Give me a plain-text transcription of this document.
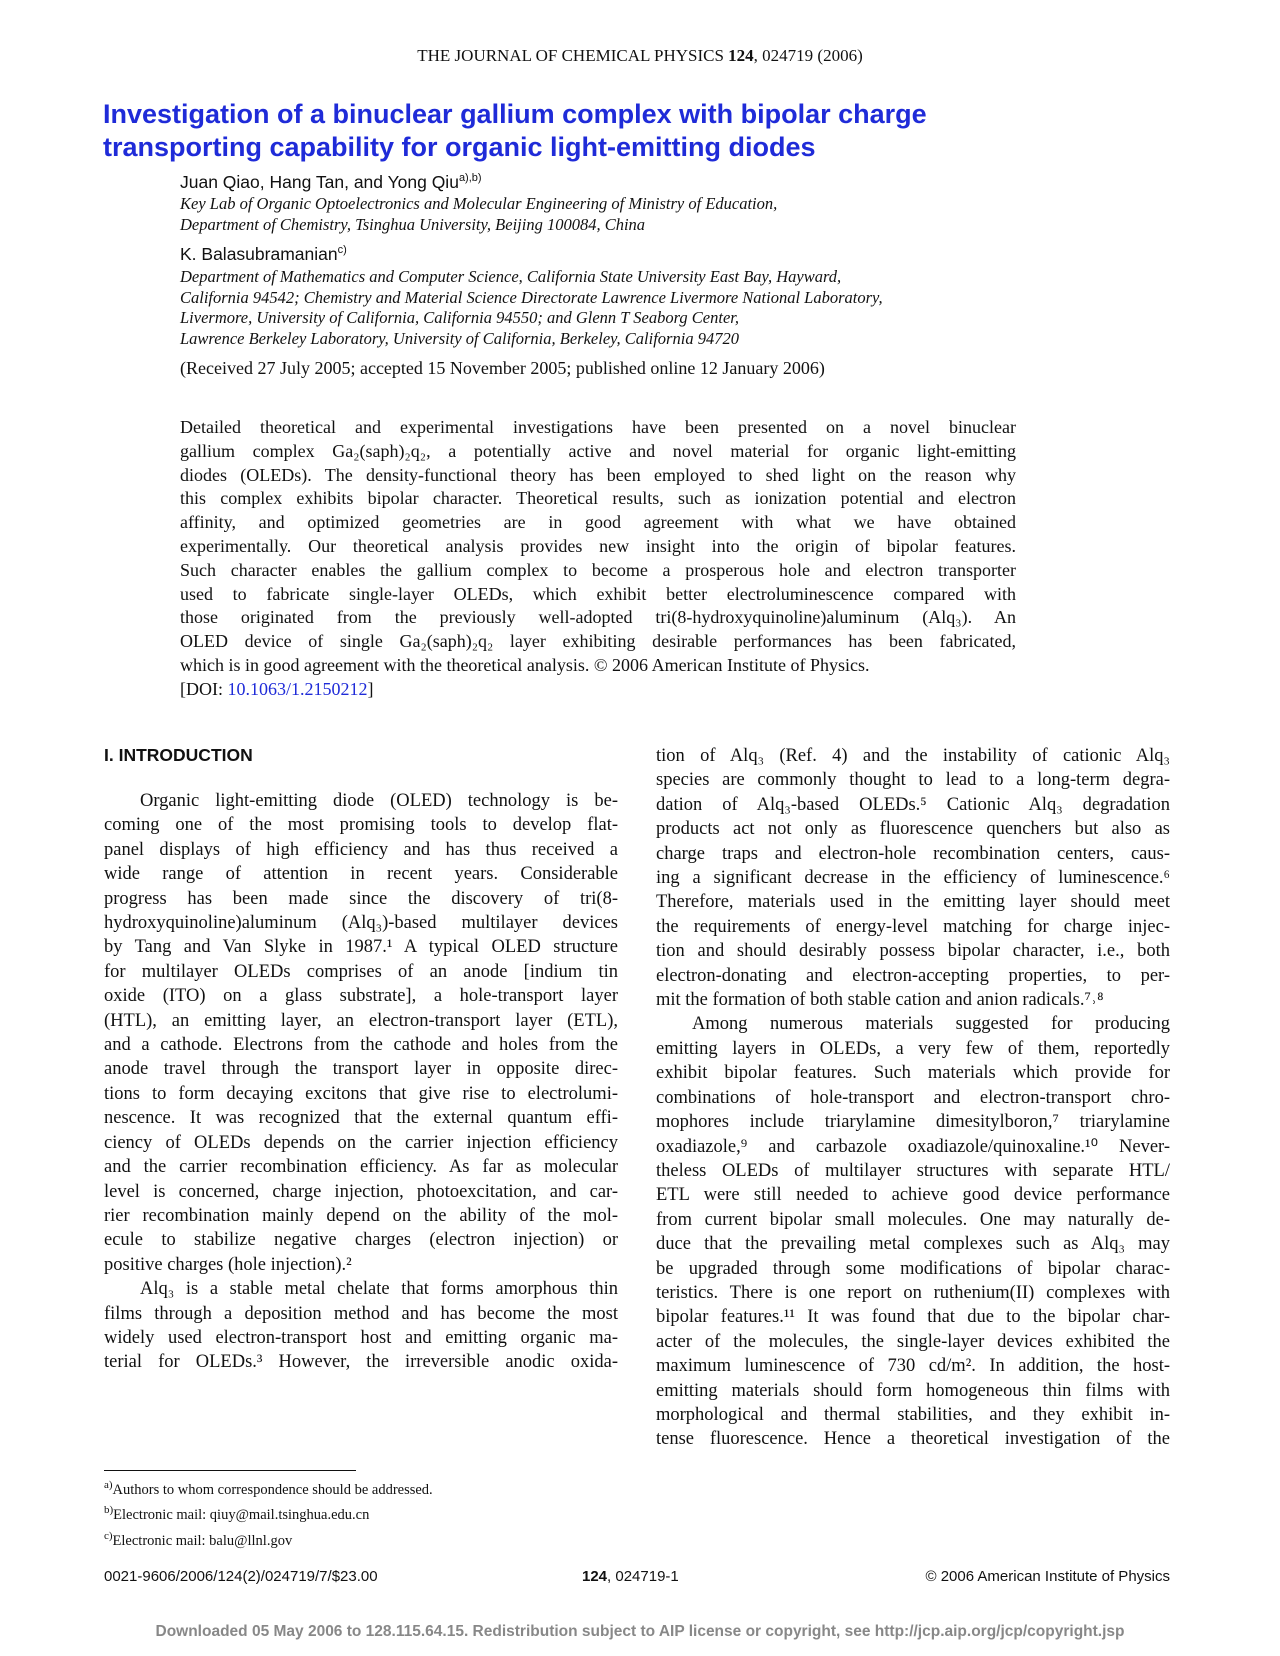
THE JOURNAL OF CHEMICAL PHYSICS 124, 024719 (2006)
Investigation of a binuclear gallium complex with bipolar charge
transporting capability for organic light-emitting diodes
Juan Qiao, Hang Tan, and Yong Qiu$^{a),b)}$
Key Lab of Organic Optoelectronics and Molecular Engineering of Ministry of Education,
Department of Chemistry, Tsinghua University, Beijing 100084, China
K. Balasubramanian$^{c)}$
Department of Mathematics and Computer Science, California State University East Bay, Hayward,
California 94542; Chemistry and Material Science Directorate Lawrence Livermore National Laboratory,
Livermore, University of California, California 94550; and Glenn T Seaborg Center,
Lawrence Berkeley Laboratory, University of California, Berkeley, California 94720
(Received 27 July 2005; accepted 15 November 2005; published online 12 January 2006)
Detailed theoretical and experimental investigations have been presented on a novel binuclear
gallium complex Ga₂(saph)₂q₂, a potentially active and novel material for organic light-emitting
diodes (OLEDs). The density-functional theory has been employed to shed light on the reason why
this complex exhibits bipolar character. Theoretical results, such as ionization potential and electron
affinity, and optimized geometries are in good agreement with what we have obtained
experimentally. Our theoretical analysis provides new insight into the origin of bipolar features.
Such character enables the gallium complex to become a prosperous hole and electron transporter
used to fabricate single-layer OLEDs, which exhibit better electroluminescence compared with
those originated from the previously well-adopted tri(8-hydroxyquinoline)aluminum (Alq₃). An
OLED device of single Ga₂(saph)₂q₂ layer exhibiting desirable performances has been fabricated,
which is in good agreement with the theoretical analysis. © 2006 American Institute of Physics.
[DOI: 10.1063/1.2150212]
I. INTRODUCTION
Organic light-emitting diode (OLED) technology is be-
coming one of the most promising tools to develop flat-
panel displays of high efficiency and has thus received a
wide range of attention in recent years. Considerable
progress has been made since the discovery of tri(8-
hydroxyquinoline)aluminum (Alq₃)-based multilayer devices
by Tang and Van Slyke in 1987.¹ A typical OLED structure
for multilayer OLEDs comprises of an anode [indium tin
oxide (ITO) on a glass substrate], a hole-transport layer
(HTL), an emitting layer, an electron-transport layer (ETL),
and a cathode. Electrons from the cathode and holes from the
anode travel through the transport layer in opposite direc-
tions to form decaying excitons that give rise to electrolumi-
nescence. It was recognized that the external quantum effi-
ciency of OLEDs depends on the carrier injection efficiency
and the carrier recombination efficiency. As far as molecular
level is concerned, charge injection, photoexcitation, and car-
rier recombination mainly depend on the ability of the mol-
ecule to stabilize negative charges (electron injection) or
positive charges (hole injection).²
Alq₃ is a stable metal chelate that forms amorphous thin
films through a deposition method and has become the most
widely used electron-transport host and emitting organic ma-
terial for OLEDs.³ However, the irreversible anodic oxida-
tion of Alq₃ (Ref. 4) and the instability of cationic Alq₃
species are commonly thought to lead to a long-term degra-
dation of Alq₃-based OLEDs.⁵ Cationic Alq₃ degradation
products act not only as fluorescence quenchers but also as
charge traps and electron-hole recombination centers, caus-
ing a significant decrease in the efficiency of luminescence.⁶
Therefore, materials used in the emitting layer should meet
the requirements of energy-level matching for charge injec-
tion and should desirably possess bipolar character, i.e., both
electron-donating and electron-accepting properties, to per-
mit the formation of both stable cation and anion radicals.⁷˒⁸
Among numerous materials suggested for producing
emitting layers in OLEDs, a very few of them, reportedly
exhibit bipolar features. Such materials which provide for
combinations of hole-transport and electron-transport chro-
mophores include triarylamine dimesitylboron,⁷ triarylamine
oxadiazole,⁹ and carbazole oxadiazole/quinoxaline.¹⁰ Never-
theless OLEDs of multilayer structures with separate HTL/
ETL were still needed to achieve good device performance
from current bipolar small molecules. One may naturally de-
duce that the prevailing metal complexes such as Alq₃ may
be upgraded through some modifications of bipolar charac-
teristics. There is one report on ruthenium(II) complexes with
bipolar features.¹¹ It was found that due to the bipolar char-
acter of the molecules, the single-layer devices exhibited the
maximum luminescence of 730 cd/m². In addition, the host-
emitting materials should form homogeneous thin films with
morphological and thermal stabilities, and they exhibit in-
tense fluorescence. Hence a theoretical investigation of the
$^{a)}$Authors to whom correspondence should be addressed.
$^{b)}$Electronic mail: qiuy@mail.tsinghua.edu.cn
$^{c)}$Electronic mail: balu@llnl.gov
0021-9606/2006/124(2)/024719/7/$23.00	124, 024719-1	© 2006 American Institute of Physics
Downloaded 05 May 2006 to 128.115.64.15. Redistribution subject to AIP license or copyright, see http://jcp.aip.org/jcp/copyright.jsp
